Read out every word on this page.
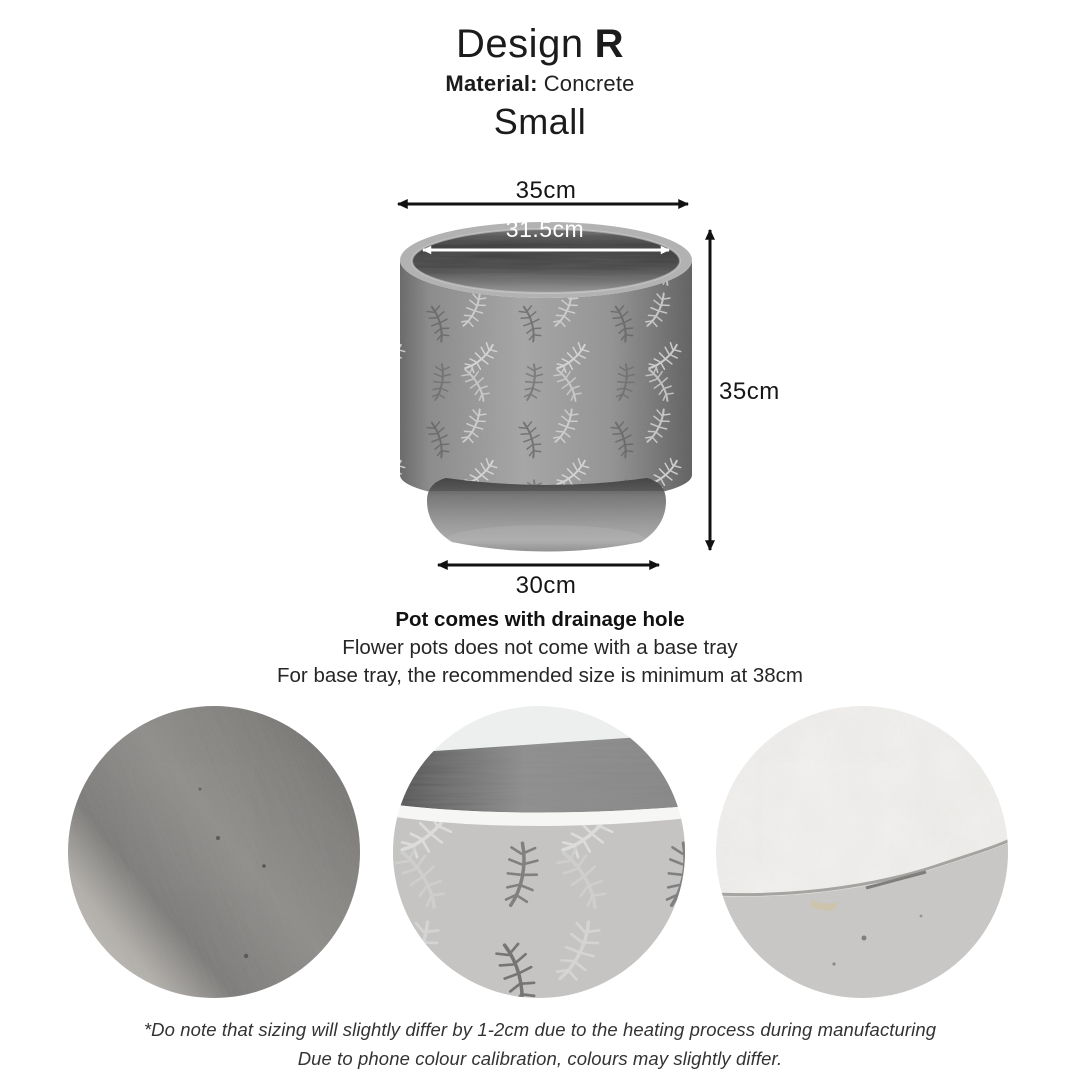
Design R

Material: Concrete

Small
35cm
31.5cm
35cm
30cm
Pot comes with drainage hole
Flower pots does not come with a base tray
For base tray, the recommended size is minimum at 38cm
*Do note that sizing will slightly differ by 1-2cm due to the heating process during manufacturing
Due to phone colour calibration, colours may slightly differ.
